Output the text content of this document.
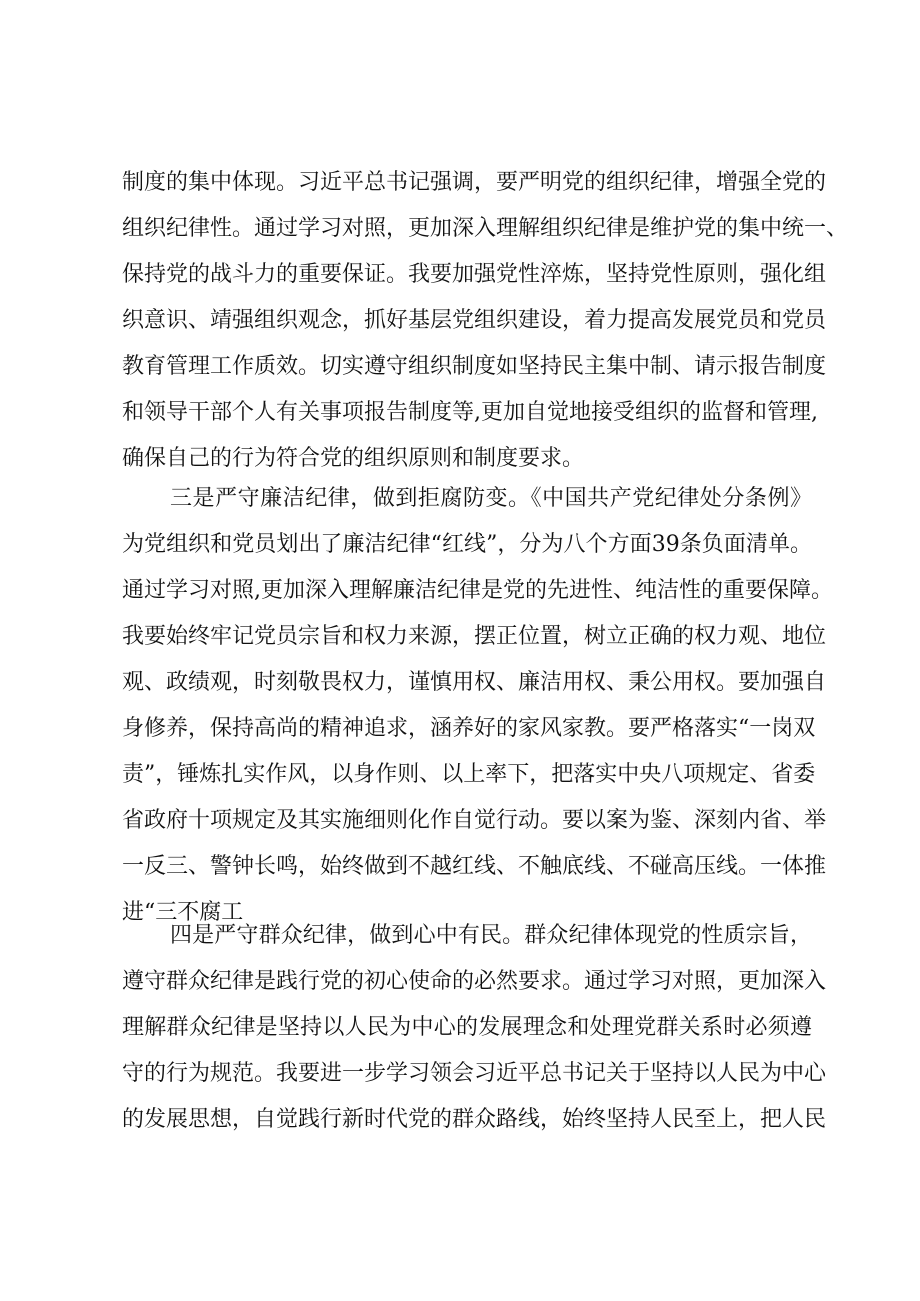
制度的集中体现。习近平总书记强调，要严明党的组织纪律，增强全党的
组织纪律性。通过学习对照，更加深入理解组织纪律是维护党的集中统一、
保持党的战斗力的重要保证。我要加强党性淬炼，坚持党性原则，强化组
织意识、靖强组织观念，抓好基层党组织建设，着力提高发展党员和党员
教育管理工作质效。切实遵守组织制度如坚持民主集中制、请示报告制度
和领导干部个人有关事项报告制度等,更加自觉地接受组织的监督和管理,
确保自己的行为符合党的组织原则和制度要求。
三是严守廉洁纪律，做到拒腐防变。《中国共产党纪律处分条例》
为党组织和党员划出了廉洁纪律“红线”，分为八个方面39条负面清单。
通过学习对照,更加深入理解廉洁纪律是党的先进性、纯洁性的重要保障。
我要始终牢记党员宗旨和权力来源，摆正位置，树立正确的权力观、地位
观、政绩观，时刻敬畏权力，谨慎用权、廉洁用权、秉公用权。要加强自
身修养，保持高尚的精神追求，涵养好的家风家教。要严格落实“一岗双
责”，锤炼扎实作风，以身作则、以上率下，把落实中央八项规定、省委
省政府十项规定及其实施细则化作自觉行动。要以案为鉴、深刻内省、举
一反三、警钟长鸣，始终做到不越红线、不触底线、不碰高压线。一体推
进“三不腐工
四是严守群众纪律，做到心中有民。群众纪律体现党的性质宗旨，
遵守群众纪律是践行党的初心使命的必然要求。通过学习对照，更加深入
理解群众纪律是坚持以人民为中心的发展理念和处理党群关系时必须遵
守的行为规范。我要进一步学习领会习近平总书记关于坚持以人民为中心
的发展思想，自觉践行新时代党的群众路线，始终坚持人民至上，把人民
